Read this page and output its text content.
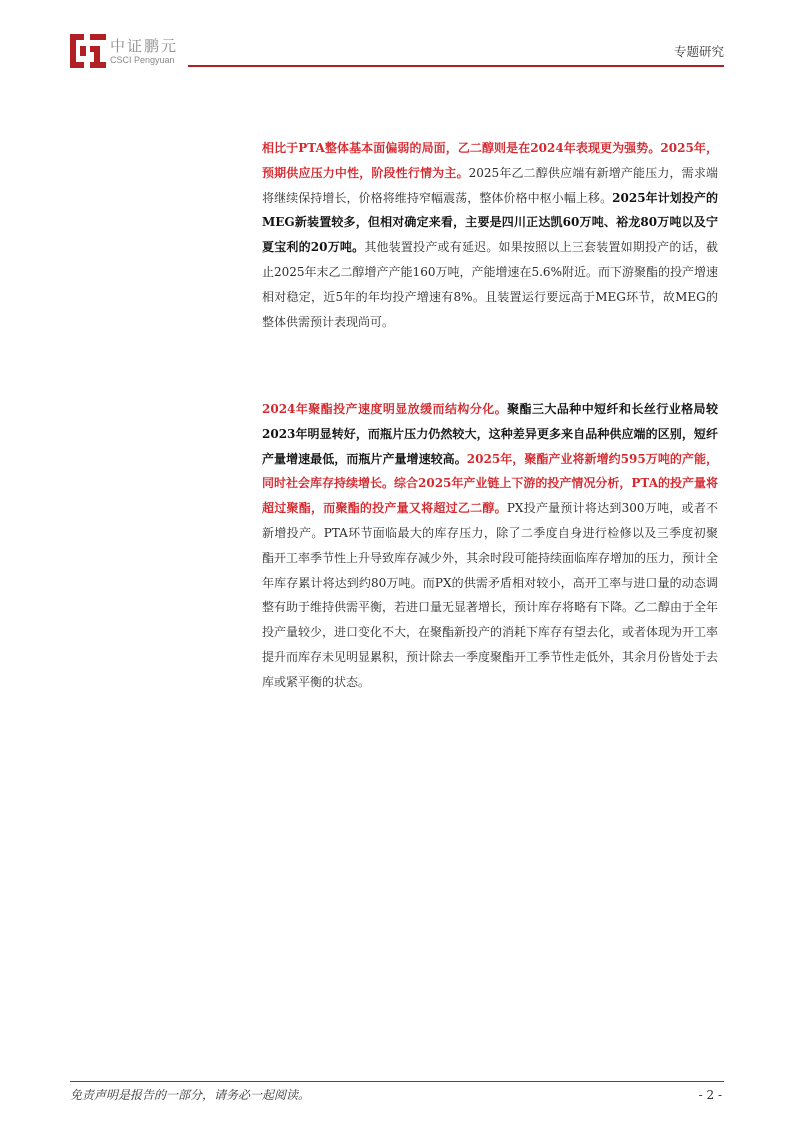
中证鹏元
CSCI Pengyuan
专题研究

相比于PTA整体基本面偏弱的局面，乙二醇则是在2024年表现更为强势。2025年，预期供应压力中性，阶段性行情为主。2025年乙二醇供应端有新增产能压力，需求端将继续保持增长，价格将维持窄幅震荡，整体价格中枢小幅上移。2025年计划投产的MEG新装置较多，但相对确定来看，主要是四川正达凯60万吨、裕龙80万吨以及宁夏宝利的20万吨。其他装置投产或有延迟。如果按照以上三套装置如期投产的话，截止2025年末乙二醇增产产能160万吨，产能增速在5.6%附近。而下游聚酯的投产增速相对稳定，近5年的年均投产增速有8%。且装置运行要远高于MEG环节，故MEG的整体供需预计表现尚可。

2024年聚酯投产速度明显放缓而结构分化。聚酯三大品种中短纤和长丝行业格局较2023年明显转好，而瓶片压力仍然较大，这种差异更多来自品种供应端的区别，短纤产量增速最低，而瓶片产量增速较高。2025年，聚酯产业将新增约595万吨的产能，同时社会库存持续增长。综合2025年产业链上下游的投产情况分析，PTA的投产量将超过聚酯，而聚酯的投产量又将超过乙二醇。PX投产量预计将达到300万吨，或者不新增投产。PTA环节面临最大的库存压力，除了二季度自身进行检修以及三季度初聚酯开工率季节性上升导致库存减少外，其余时段可能持续面临库存增加的压力，预计全年库存累计将达到约80万吨。而PX的供需矛盾相对较小，高开工率与进口量的动态调整有助于维持供需平衡，若进口量无显著增长，预计库存将略有下降。乙二醇由于全年投产量较少，进口变化不大，在聚酯新投产的消耗下库存有望去化，或者体现为开工率提升而库存未见明显累积，预计除去一季度聚酯开工季节性走低外，其余月份皆处于去库或紧平衡的状态。

免责声明是报告的一部分，请务必一起阅读。	- 2 -
